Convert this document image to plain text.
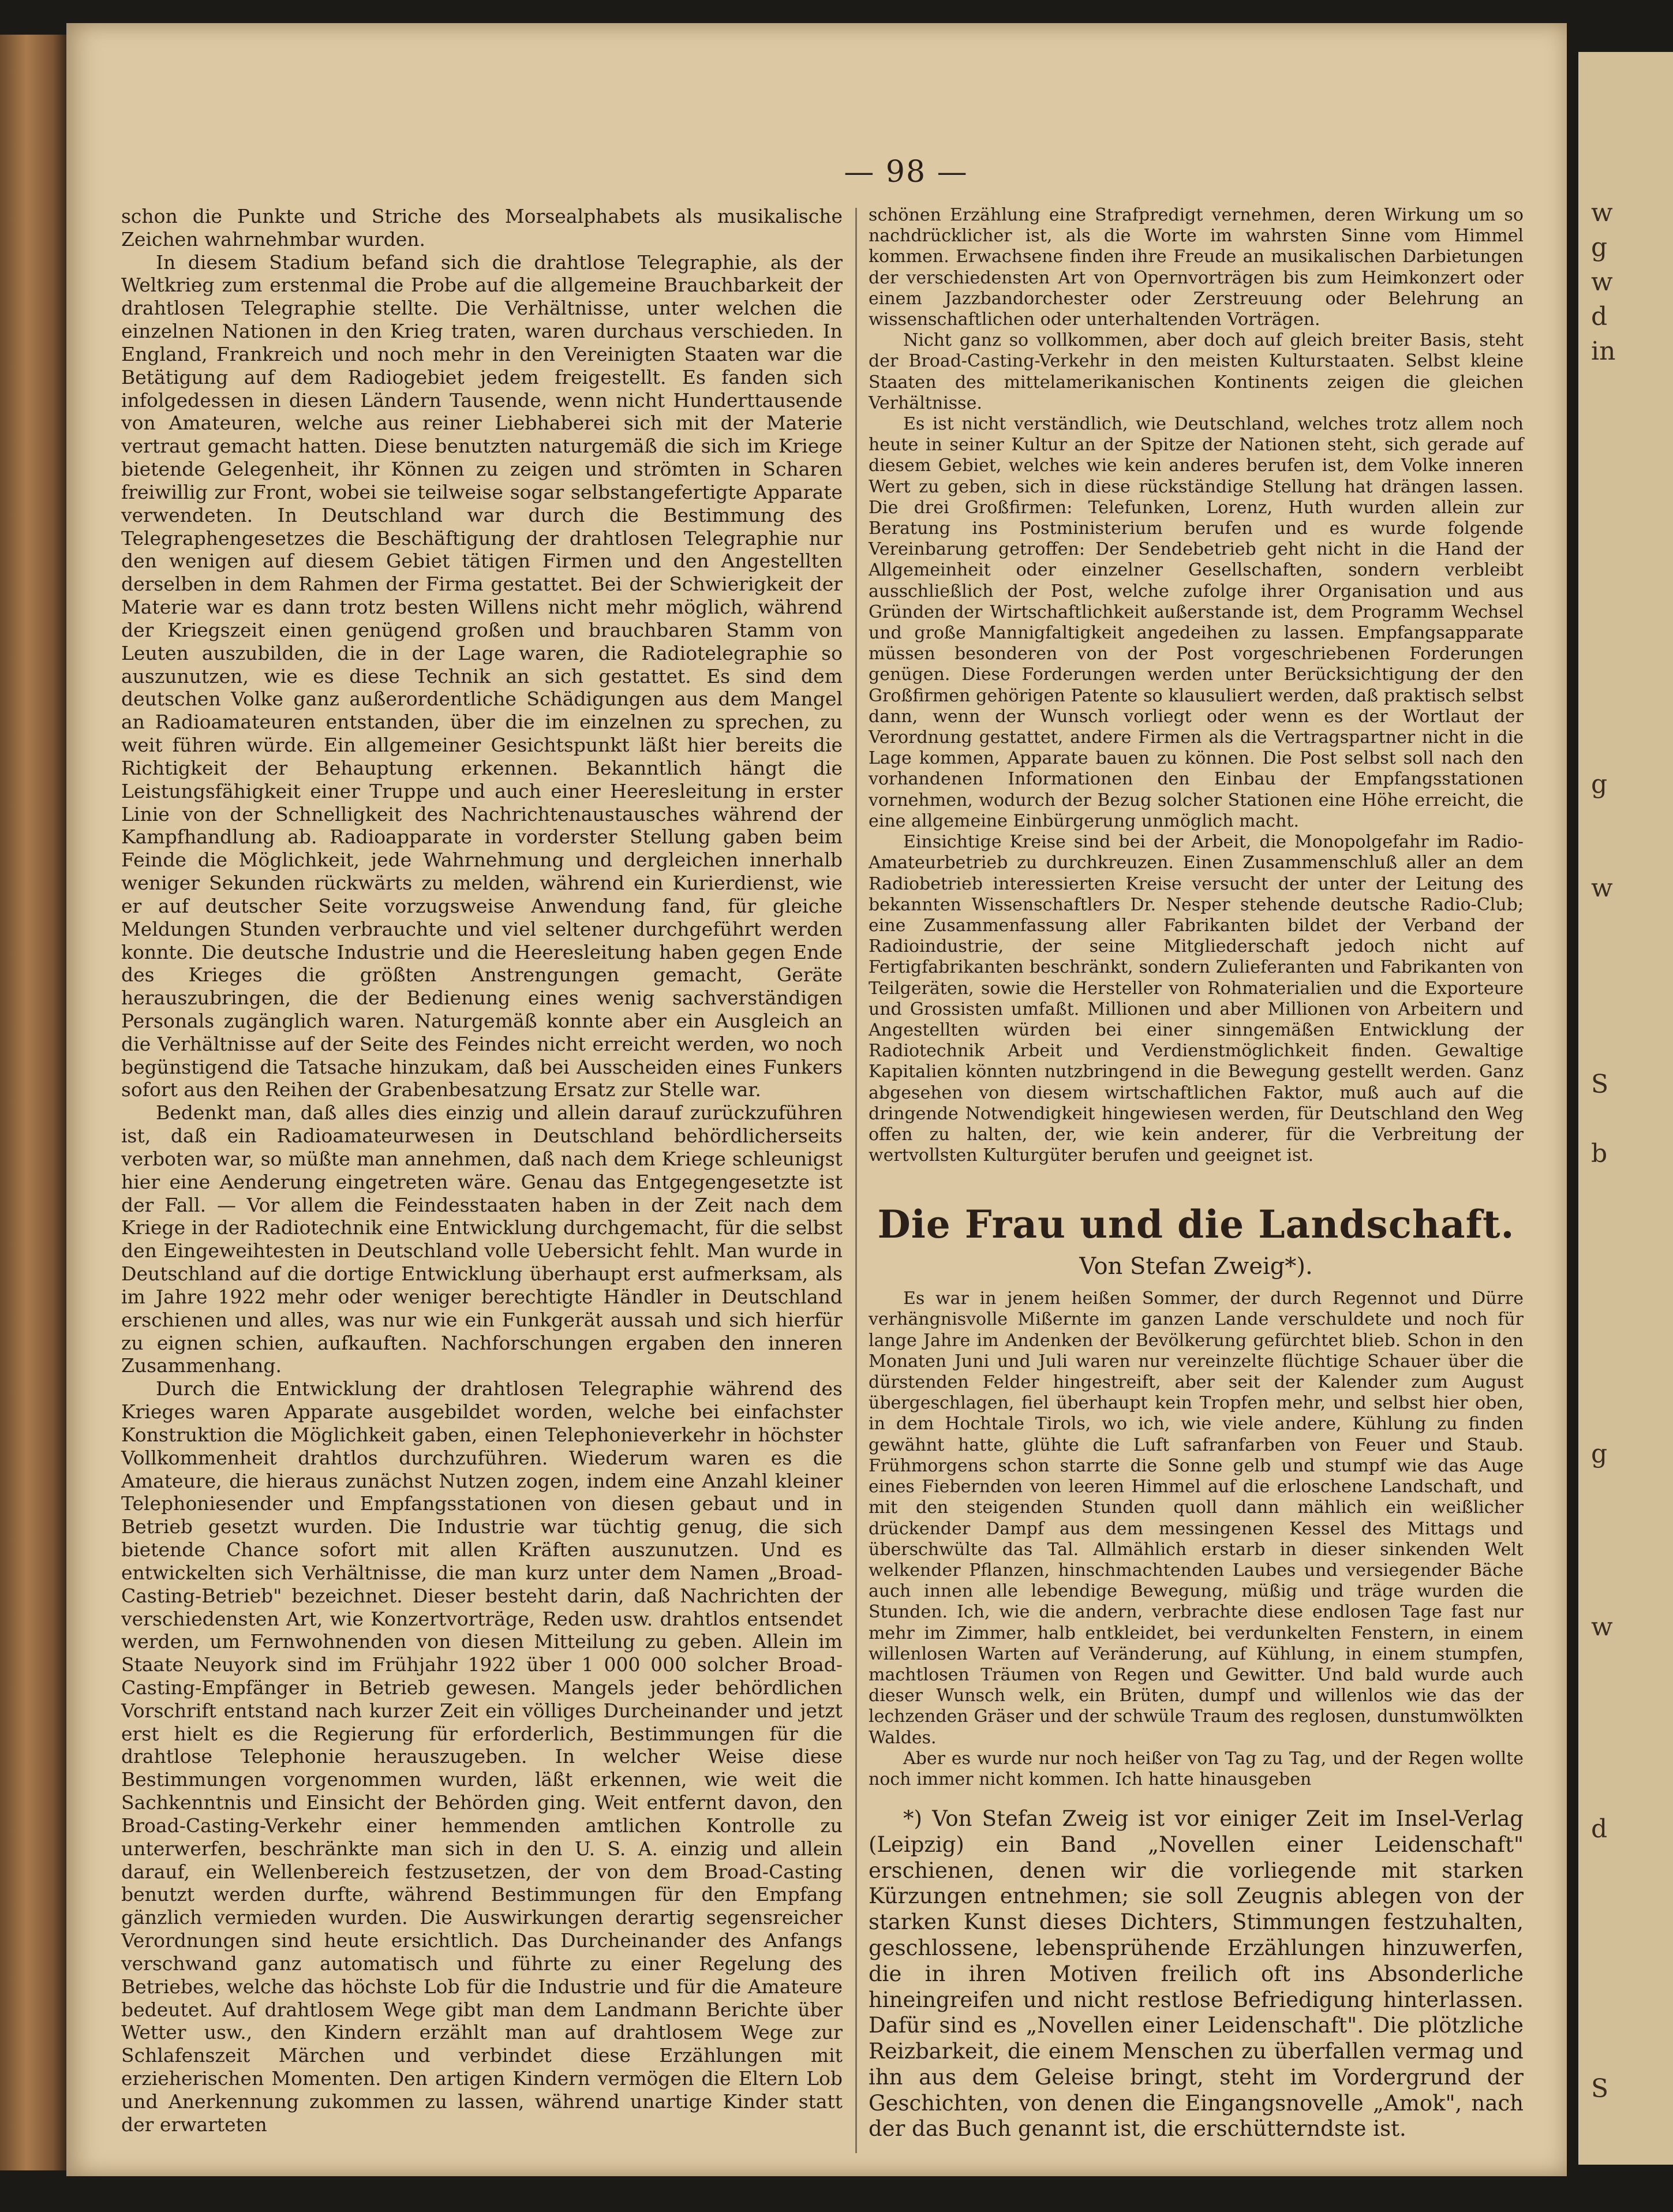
— 98 —

schon die Punkte und Striche des Morsealphabets als musikalische Zeichen wahrnehmbar wurden.

In diesem Stadium befand sich die drahtlose Telegraphie, als der Weltkrieg zum erstenmal die Probe auf die allgemeine Brauchbarkeit der drahtlosen Telegraphie stellte. Die Verhältnisse, unter welchen die einzelnen Nationen in den Krieg traten, waren durchaus verschieden. In England, Frankreich und noch mehr in den Vereinigten Staaten war die Betätigung auf dem Radiogebiet jedem freigestellt. Es fanden sich infolgedessen in diesen Ländern Tausende, wenn nicht Hunderttausende von Amateuren, welche aus reiner Liebhaberei sich mit der Materie vertraut gemacht hatten. Diese benutzten naturgemäß die sich im Kriege bietende Gelegenheit, ihr Können zu zeigen und strömten in Scharen freiwillig zur Front, wobei sie teilweise sogar selbstangefertigte Apparate verwendeten. In Deutschland war durch die Bestimmung des Telegraphengesetzes die Beschäftigung der drahtlosen Telegraphie nur den wenigen auf diesem Gebiet tätigen Firmen und den Angestellten derselben in dem Rahmen der Firma gestattet. Bei der Schwierigkeit der Materie war es dann trotz besten Willens nicht mehr möglich, während der Kriegszeit einen genügend großen und brauchbaren Stamm von Leuten auszubilden, die in der Lage waren, die Radiotelegraphie so auszunutzen, wie es diese Technik an sich gestattet. Es sind dem deutschen Volke ganz außerordentliche Schädigungen aus dem Mangel an Radioamateuren entstanden, über die im einzelnen zu sprechen, zu weit führen würde. Ein allgemeiner Gesichtspunkt läßt hier bereits die Richtigkeit der Behauptung erkennen. Bekanntlich hängt die Leistungsfähigkeit einer Truppe und auch einer Heeresleitung in erster Linie von der Schnelligkeit des Nachrichtenaustausches während der Kampfhandlung ab. Radioapparate in vorderster Stellung gaben beim Feinde die Möglichkeit, jede Wahrnehmung und dergleichen innerhalb weniger Sekunden rückwärts zu melden, während ein Kurierdienst, wie er auf deutscher Seite vorzugsweise Anwendung fand, für gleiche Meldungen Stunden verbrauchte und viel seltener durchgeführt werden konnte. Die deutsche Industrie und die Heeresleitung haben gegen Ende des Krieges die größten Anstrengungen gemacht, Geräte herauszubringen, die der Bedienung eines wenig sachverständigen Personals zugänglich waren. Naturgemäß konnte aber ein Ausgleich an die Verhältnisse auf der Seite des Feindes nicht erreicht werden, wo noch begünstigend die Tatsache hinzukam, daß bei Ausscheiden eines Funkers sofort aus den Reihen der Grabenbesatzung Ersatz zur Stelle war.

Bedenkt man, daß alles dies einzig und allein darauf zurückzuführen ist, daß ein Radioamateurwesen in Deutschland behördlicherseits verboten war, so müßte man annehmen, daß nach dem Kriege schleunigst hier eine Aenderung eingetreten wäre. Genau das Entgegengesetzte ist der Fall. — Vor allem die Feindesstaaten haben in der Zeit nach dem Kriege in der Radiotechnik eine Entwicklung durchgemacht, für die selbst den Eingeweihtesten in Deutschland volle Uebersicht fehlt. Man wurde in Deutschland auf die dortige Entwicklung überhaupt erst aufmerksam, als im Jahre 1922 mehr oder weniger berechtigte Händler in Deutschland erschienen und alles, was nur wie ein Funkgerät aussah und sich hierfür zu eignen schien, aufkauften. Nachforschungen ergaben den inneren Zusammenhang.

Durch die Entwicklung der drahtlosen Telegraphie während des Krieges waren Apparate ausgebildet worden, welche bei einfachster Konstruktion die Möglichkeit gaben, einen Telephonieverkehr in höchster Vollkommenheit drahtlos durchzuführen. Wiederum waren es die Amateure, die hieraus zunächst Nutzen zogen, indem eine Anzahl kleiner Telephoniesender und Empfangsstationen von diesen gebaut und in Betrieb gesetzt wurden. Die Industrie war tüchtig genug, die sich bietende Chance sofort mit allen Kräften auszunutzen. Und es entwickelten sich Verhältnisse, die man kurz unter dem Namen „Broad-Casting-Betrieb" bezeichnet. Dieser besteht darin, daß Nachrichten der verschiedensten Art, wie Konzertvorträge, Reden usw. drahtlos entsendet werden, um Fernwohnenden von diesen Mitteilung zu geben. Allein im Staate Neuyork sind im Frühjahr 1922 über 1 000 000 solcher Broad-Casting-Empfänger in Betrieb gewesen. Mangels jeder behördlichen Vorschrift entstand nach kurzer Zeit ein völliges Durcheinander und jetzt erst hielt es die Regierung für erforderlich, Bestimmungen für die drahtlose Telephonie herauszugeben. In welcher Weise diese Bestimmungen vorgenommen wurden, läßt erkennen, wie weit die Sachkenntnis und Einsicht der Behörden ging. Weit entfernt davon, den Broad-Casting-Verkehr einer hemmenden amtlichen Kontrolle zu unterwerfen, beschränkte man sich in den U. S. A. einzig und allein darauf, ein Wellenbereich festzusetzen, der von dem Broad-Casting benutzt werden durfte, während Bestimmungen für den Empfang gänzlich vermieden wurden. Die Auswirkungen derartig segensreicher Verordnungen sind heute ersichtlich. Das Durcheinander des Anfangs verschwand ganz automatisch und führte zu einer Regelung des Betriebes, welche das höchste Lob für die Industrie und für die Amateure bedeutet. Auf drahtlosem Wege gibt man dem Landmann Berichte über Wetter usw., den Kindern erzählt man auf drahtlosem Wege zur Schlafenszeit Märchen und verbindet diese Erzählungen mit erzieherischen Momenten. Den artigen Kindern vermögen die Eltern Lob und Anerkennung zukommen zu lassen, während unartige Kinder statt der erwarteten

schönen Erzählung eine Strafpredigt vernehmen, deren Wirkung um so nachdrücklicher ist, als die Worte im wahrsten Sinne vom Himmel kommen. Erwachsene finden ihre Freude an musikalischen Darbietungen der verschiedensten Art von Opernvorträgen bis zum Heimkonzert oder einem Jazzbandorchester oder Zerstreuung oder Belehrung an wissenschaftlichen oder unterhaltenden Vorträgen.

Nicht ganz so vollkommen, aber doch auf gleich breiter Basis, steht der Broad-Casting-Verkehr in den meisten Kulturstaaten. Selbst kleine Staaten des mittelamerikanischen Kontinents zeigen die gleichen Verhältnisse.

Es ist nicht verständlich, wie Deutschland, welches trotz allem noch heute in seiner Kultur an der Spitze der Nationen steht, sich gerade auf diesem Gebiet, welches wie kein anderes berufen ist, dem Volke inneren Wert zu geben, sich in diese rückständige Stellung hat drängen lassen. Die drei Großfirmen: Telefunken, Lorenz, Huth wurden allein zur Beratung ins Postministerium berufen und es wurde folgende Vereinbarung getroffen: Der Sendebetrieb geht nicht in die Hand der Allgemeinheit oder einzelner Gesellschaften, sondern verbleibt ausschließlich der Post, welche zufolge ihrer Organisation und aus Gründen der Wirtschaftlichkeit außerstande ist, dem Programm Wechsel und große Mannigfaltigkeit angedeihen zu lassen. Empfangsapparate müssen besonderen von der Post vorgeschriebenen Forderungen genügen. Diese Forderungen werden unter Berücksichtigung der den Großfirmen gehörigen Patente so klausuliert werden, daß praktisch selbst dann, wenn der Wunsch vorliegt oder wenn es der Wortlaut der Verordnung gestattet, andere Firmen als die Vertragspartner nicht in die Lage kommen, Apparate bauen zu können. Die Post selbst soll nach den vorhandenen Informationen den Einbau der Empfangsstationen vornehmen, wodurch der Bezug solcher Stationen eine Höhe erreicht, die eine allgemeine Einbürgerung unmöglich macht.

Einsichtige Kreise sind bei der Arbeit, die Monopolgefahr im Radio-Amateurbetrieb zu durchkreuzen. Einen Zusammenschluß aller an dem Radiobetrieb interessierten Kreise versucht der unter der Leitung des bekannten Wissenschaftlers Dr. Nesper stehende deutsche Radio-Club; eine Zusammenfassung aller Fabrikanten bildet der Verband der Radioindustrie, der seine Mitgliederschaft jedoch nicht auf Fertigfabrikanten beschränkt, sondern Zulieferanten und Fabrikanten von Teilgeräten, sowie die Hersteller von Rohmaterialien und die Exporteure und Grossisten umfaßt. Millionen und aber Millionen von Arbeitern und Angestellten würden bei einer sinngemäßen Entwicklung der Radiotechnik Arbeit und Verdienstmöglichkeit finden. Gewaltige Kapitalien könnten nutzbringend in die Bewegung gestellt werden. Ganz abgesehen von diesem wirtschaftlichen Faktor, muß auch auf die dringende Notwendigkeit hingewiesen werden, für Deutschland den Weg offen zu halten, der, wie kein anderer, für die Verbreitung der wertvollsten Kulturgüter berufen und geeignet ist.

Die Frau und die Landschaft.
Von Stefan Zweig*).

Es war in jenem heißen Sommer, der durch Regennot und Dürre verhängnisvolle Mißernte im ganzen Lande verschuldete und noch für lange Jahre im Andenken der Bevölkerung gefürchtet blieb. Schon in den Monaten Juni und Juli waren nur vereinzelte flüchtige Schauer über die dürstenden Felder hingestreift, aber seit der Kalender zum August übergeschlagen, fiel überhaupt kein Tropfen mehr, und selbst hier oben, in dem Hochtale Tirols, wo ich, wie viele andere, Kühlung zu finden gewähnt hatte, glühte die Luft safranfarben von Feuer und Staub. Frühmorgens schon starrte die Sonne gelb und stumpf wie das Auge eines Fiebernden von leeren Himmel auf die erloschene Landschaft, und mit den steigenden Stunden quoll dann mählich ein weißlicher drückender Dampf aus dem messingenen Kessel des Mittags und überschwülte das Tal. Allmählich erstarb in dieser sinkenden Welt welkender Pflanzen, hinschmachtenden Laubes und versiegender Bäche auch innen alle lebendige Bewegung, müßig und träge wurden die Stunden. Ich, wie die andern, verbrachte diese endlosen Tage fast nur mehr im Zimmer, halb entkleidet, bei verdunkelten Fenstern, in einem willenlosen Warten auf Veränderung, auf Kühlung, in einem stumpfen, machtlosen Träumen von Regen und Gewitter. Und bald wurde auch dieser Wunsch welk, ein Brüten, dumpf und willenlos wie das der lechzenden Gräser und der schwüle Traum des reglosen, dunstumwölkten Waldes.

Aber es wurde nur noch heißer von Tag zu Tag, und der Regen wollte noch immer nicht kommen. Ich hatte hinausgeben

*) Von Stefan Zweig ist vor einiger Zeit im Insel-Verlag (Leipzig) ein Band „Novellen einer Leidenschaft" erschienen, denen wir die vorliegende mit starken Kürzungen entnehmen; sie soll Zeugnis ablegen von der starken Kunst dieses Dichters, Stimmungen festzuhalten, geschlossene, lebensprühende Erzählungen hinzuwerfen, die in ihren Motiven freilich oft ins Absonderliche hineingreifen und nicht restlose Befriedigung hinterlassen. Dafür sind es „Novellen einer Leidenschaft". Die plötzliche Reizbarkeit, die einem Menschen zu überfallen vermag und ihn aus dem Geleise bringt, steht im Vordergrund der Geschichten, von denen die Eingangsnovelle „Amok", nach der das Buch genannt ist, die erschütterndste ist.

w
g
w
d
in
g
w
S
b
g
w
d
S
